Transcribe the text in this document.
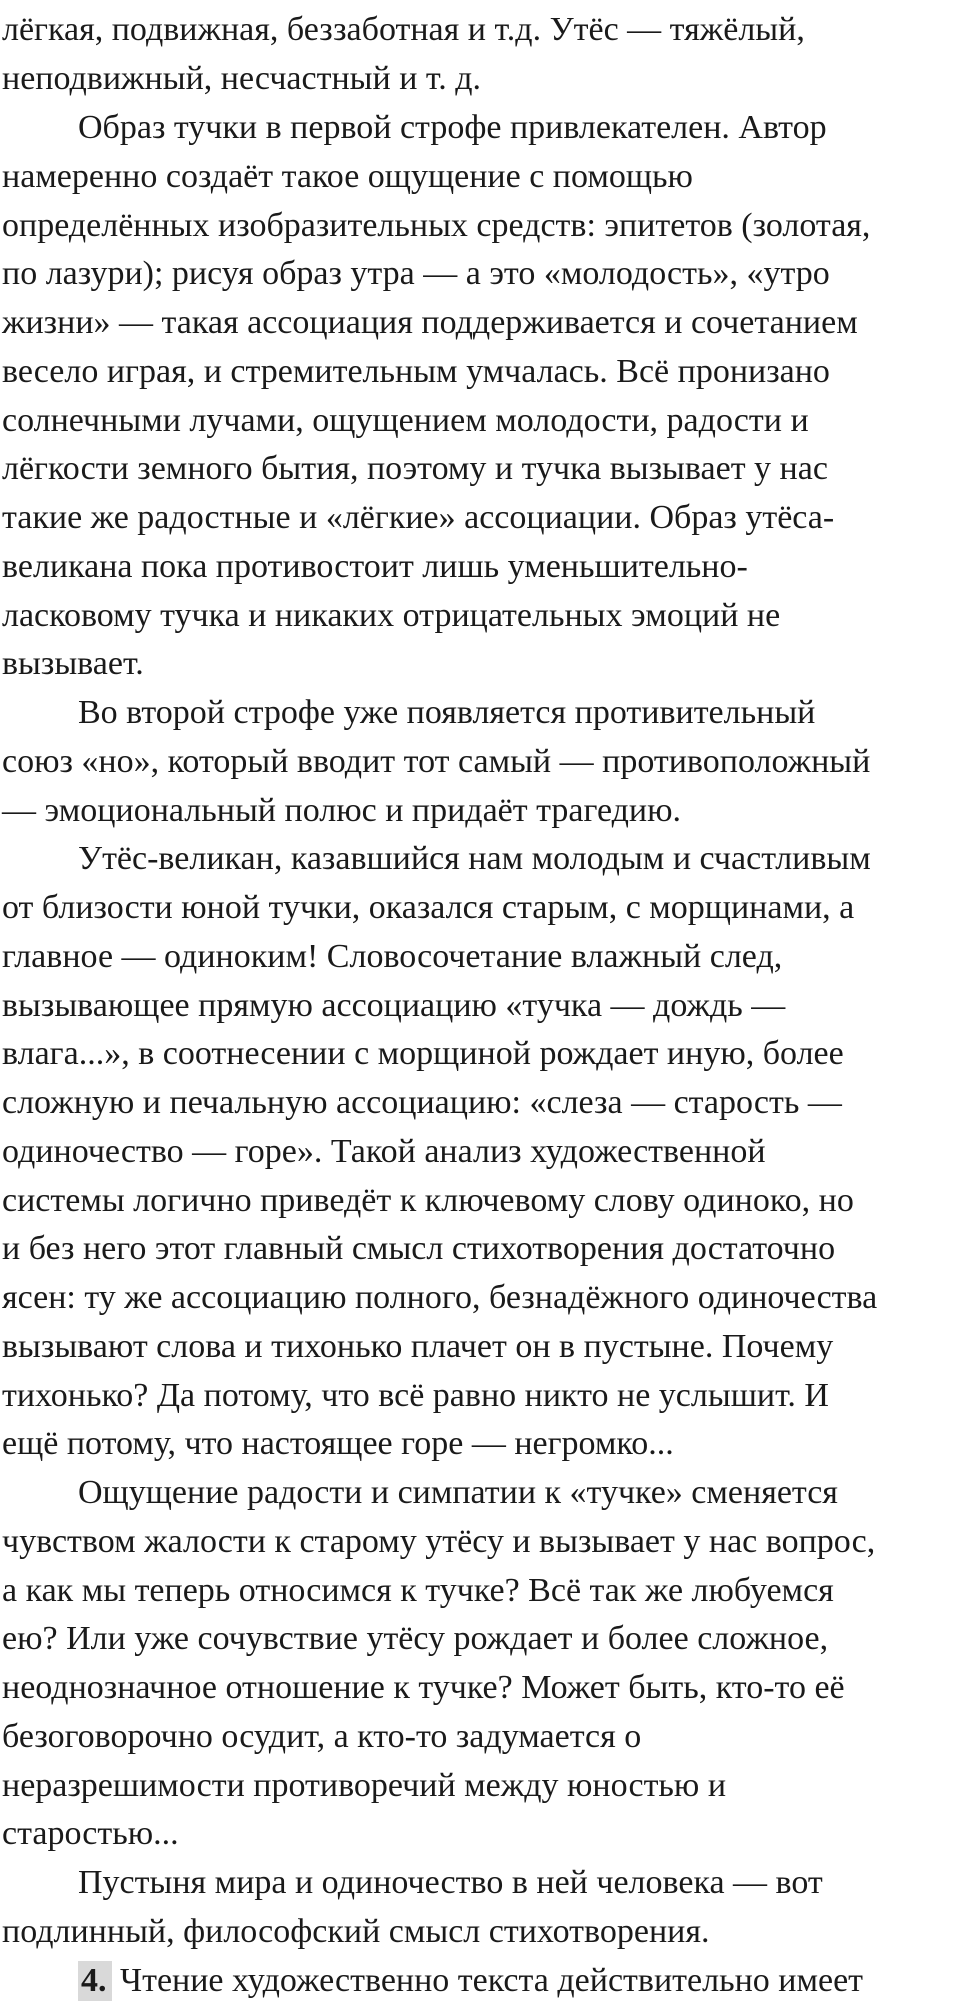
лёгкая, подвижная, беззаботная и т.д. Утёс — тяжёлый,
неподвижный, несчастный и т. д.
Образ тучки в первой строфе привлекателен. Автор
намеренно создаёт такое ощущение с помощью
определённых изобразительных средств: эпитетов (золотая,
по лазури); рисуя образ утра — а это «молодость», «утро
жизни» — такая ассоциация поддерживается и сочетанием
весело играя, и стремительным умчалась. Всё пронизано
солнечными лучами, ощущением молодости, радости и
лёгкости земного бытия, поэтому и тучка вызывает у нас
такие же радостные и «лёгкие» ассоциации. Образ утёса-
великана пока противостоит лишь уменьшительно-
ласковому тучка и никаких отрицательных эмоций не
вызывает.
Во второй строфе уже появляется противительный
союз «но», который вводит тот самый — противоположный
— эмоциональный полюс и придаёт трагедию.
Утёс-великан, казавшийся нам молодым и счастливым
от близости юной тучки, оказался старым, с морщинами, а
главное — одиноким! Словосочетание влажный след,
вызывающее прямую ассоциацию «тучка — дождь —
влага...», в соотнесении с морщиной рождает иную, более
сложную и печальную ассоциацию: «слеза — старость —
одиночество — горе». Такой анализ художественной
системы логично приведёт к ключевому слову одиноко, но
и без него этот главный смысл стихотворения достаточно
ясен: ту же ассоциацию полного, безнадёжного одиночества
вызывают слова и тихонько плачет он в пустыне. Почему
тихонько? Да потому, что всё равно никто не услышит. И
ещё потому, что настоящее горе — негромко...
Ощущение радости и симпатии к «тучке» сменяется
чувством жалости к старому утёсу и вызывает у нас вопрос,
а как мы теперь относимся к тучке? Всё так же любуемся
ею? Или уже сочувствие утёсу рождает и более сложное,
неоднозначное отношение к тучке? Может быть, кто-то её
безоговорочно осудит, а кто-то задумается о
неразрешимости противоречий между юностью и
старостью...
Пустыня мира и одиночество в ней человека — вот
подлинный, философский смысл стихотворения.
4. Чтение художественно текста действительно имеет
